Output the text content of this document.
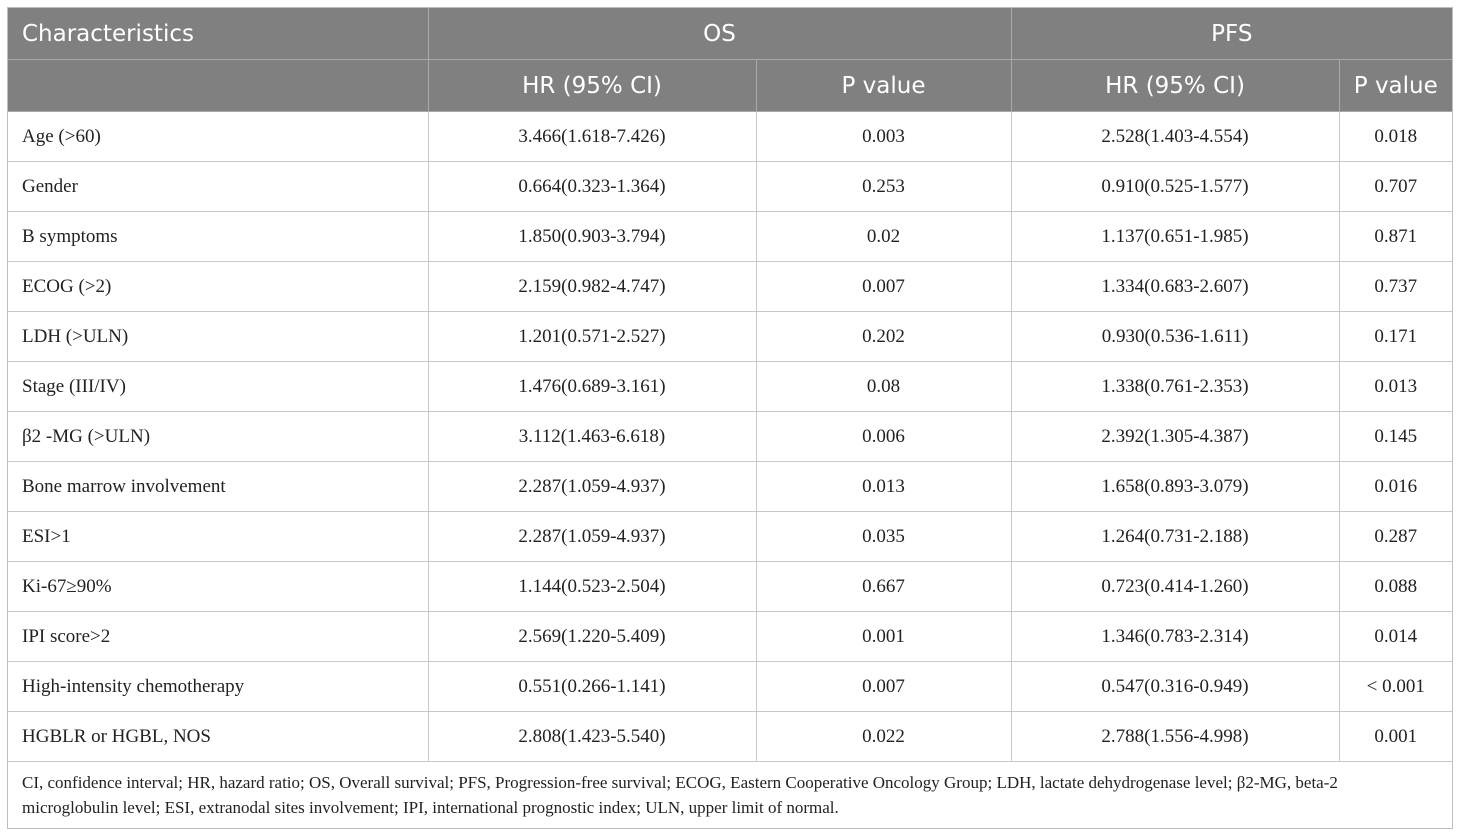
Characteristics	OS		PFS	
	HR (95% CI)	P value	HR (95% CI)	P value
Age (>60)	3.466(1.618-7.426)	0.003	2.528(1.403-4.554)	0.018
Gender	0.664(0.323-1.364)	0.253	0.910(0.525-1.577)	0.707
B symptoms	1.850(0.903-3.794)	0.02	1.137(0.651-1.985)	0.871
ECOG (>2)	2.159(0.982-4.747)	0.007	1.334(0.683-2.607)	0.737
LDH (>ULN)	1.201(0.571-2.527)	0.202	0.930(0.536-1.611)	0.171
Stage (III/IV)	1.476(0.689-3.161)	0.08	1.338(0.761-2.353)	0.013
β2 -MG (>ULN)	3.112(1.463-6.618)	0.006	2.392(1.305-4.387)	0.145
Bone marrow involvement	2.287(1.059-4.937)	0.013	1.658(0.893-3.079)	0.016
ESI>1	2.287(1.059-4.937)	0.035	1.264(0.731-2.188)	0.287
Ki-67≥90%	1.144(0.523-2.504)	0.667	0.723(0.414-1.260)	0.088
IPI score>2	2.569(1.220-5.409)	0.001	1.346(0.783-2.314)	0.014
High-intensity chemotherapy	0.551(0.266-1.141)	0.007	0.547(0.316-0.949)	< 0.001
HGBLR or HGBL, NOS	2.808(1.423-5.540)	0.022	2.788(1.556-4.998)	0.001
CI, confidence interval; HR, hazard ratio; OS, Overall survival; PFS, Progression-free survival; ECOG, Eastern Cooperative Oncology Group; LDH, lactate dehydrogenase level; β2-MG, beta-2 microglobulin level; ESI, extranodal sites involvement; IPI, international prognostic index; ULN, upper limit of normal.
